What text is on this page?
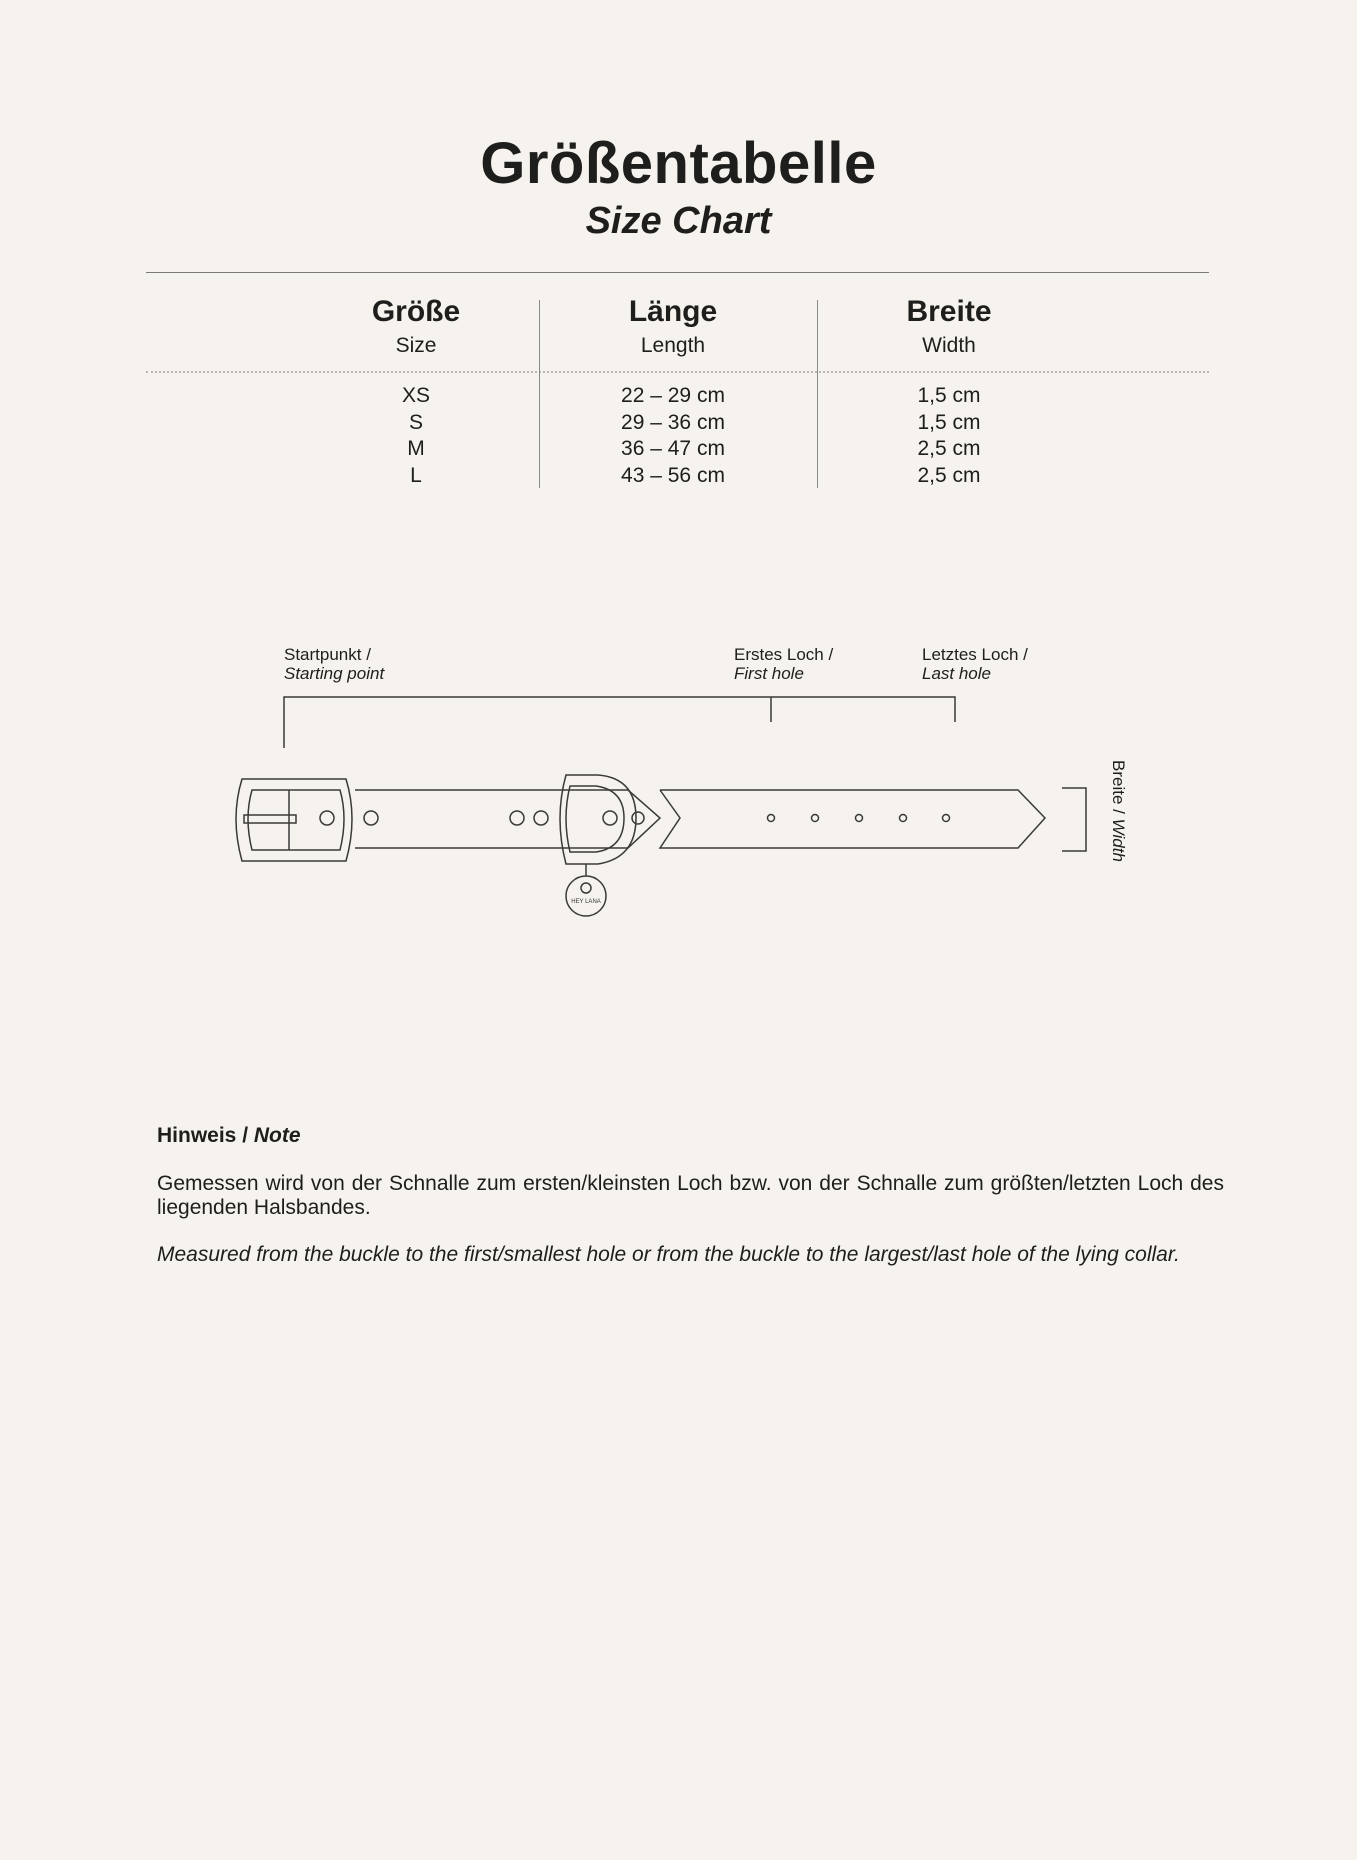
Größentabelle
Size Chart
Größe
Size
XS
S
M
L
Länge
Length
22 – 29 cm
29 – 36 cm
36 – 47 cm
43 – 56 cm
Breite
Width
1,5 cm
1,5 cm
2,5 cm
2,5 cm
Startpunkt /
Starting point
Erstes Loch /
First hole
Letztes Loch /
Last hole
Breite / Width
HEY LANA
Hinweis / Note

Gemessen wird von der Schnalle zum ersten/kleinsten Loch bzw. von der Schnalle zum größten/letzten Loch des liegenden Halsbandes.

Measured from the buckle to the first/smallest hole or from the buckle to the largest/last hole of the lying collar.
